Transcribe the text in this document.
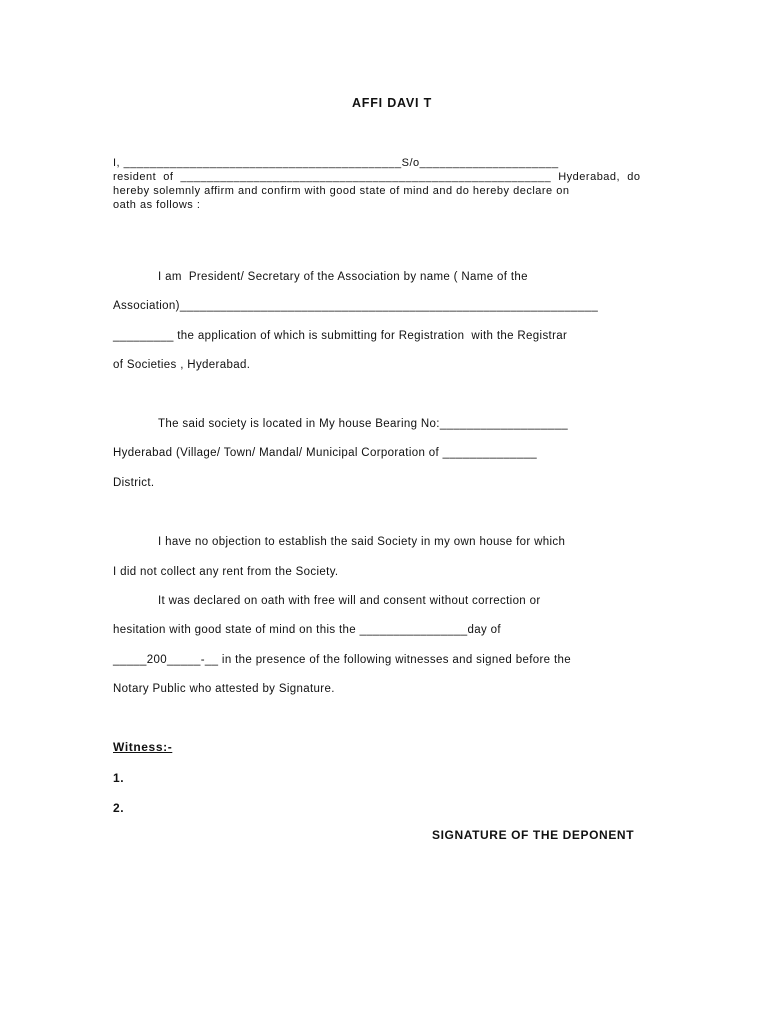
AFFI DAVI T
I, __________________________________________S/o_____________________
resident  of  ________________________________________________________  Hyderabad,  do
hereby solemnly affirm and confirm with good state of mind and do hereby declare on
oath as follows :
I am  President/ Secretary of the Association by name ( Name of the
Association)______________________________________________________________
_________ the application of which is submitting for Registration  with the Registrar
of Societies , Hyderabad.
The said society is located in My house Bearing No:___________________
Hyderabad (Village/ Town/ Mandal/ Municipal Corporation of ______________
District.
I have no objection to establish the said Society in my own house for which
I did not collect any rent from the Society.
It was declared on oath with free will and consent without correction or
hesitation with good state of mind on this the ________________day of
_____200_____-__ in the presence of the following witnesses and signed before the
Notary Public who attested by Signature.
Witness:-
1.
2.
SIGNATURE OF THE DEPONENT
